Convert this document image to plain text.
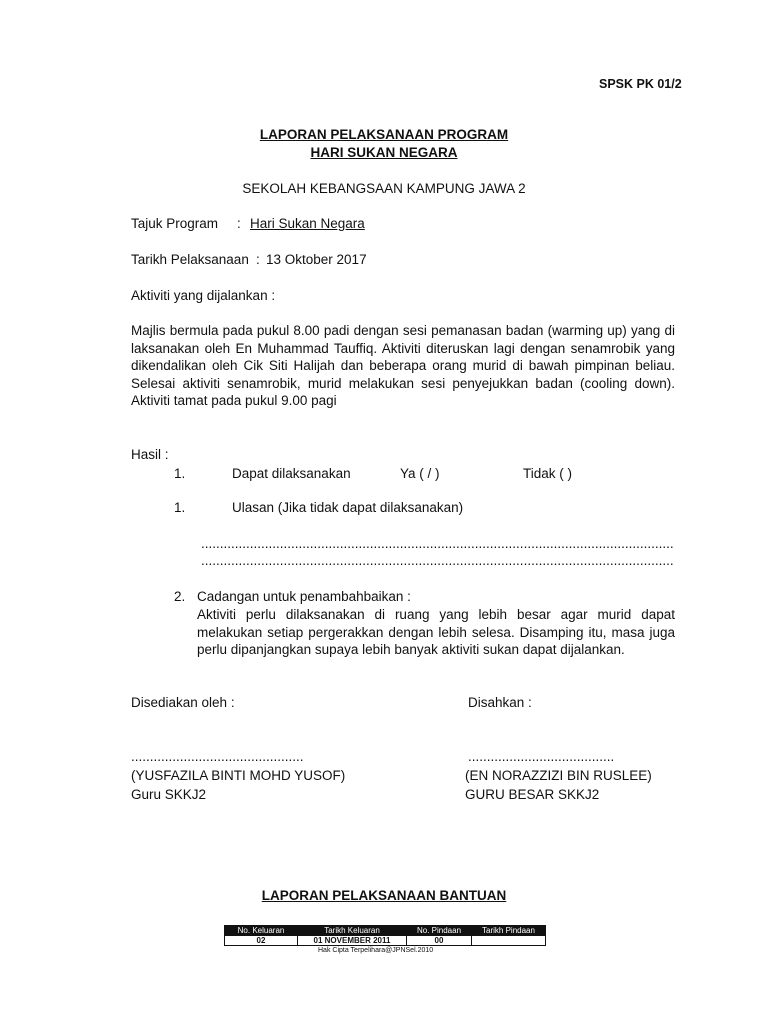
SPSK PK 01/2
LAPORAN PELAKSANAAN PROGRAM
HARI SUKAN NEGARA
SEKOLAH KEBANGSAAN KAMPUNG JAWA 2
Tajuk Program : Hari Sukan Negara
Tarikh Pelaksanaan : 13 Oktober 2017
Aktiviti yang dijalankan :
Majlis bermula pada pukul 8.00 padi dengan sesi pemanasan badan (warming up) yang di laksanakan oleh En Muhammad Tauffiq. Aktiviti diteruskan lagi dengan senamrobik yang dikendalikan oleh Cik Siti Halijah dan beberapa orang murid di bawah pimpinan beliau. Selesai aktiviti senamrobik, murid melakukan sesi penyejukkan badan (cooling down). Aktiviti tamat pada pukul 9.00 pagi
Hasil :
1.	Dapat dilaksanakan	Ya ( / )	Tidak ( )
1.	Ulasan (Jika tidak dapat dilaksanakan)
..............................................................................................................................
..............................................................................................................................
2. Cadangan untuk penambahbaikan :
Aktiviti perlu dilaksanakan di ruang yang lebih besar agar murid dapat melakukan setiap pergerakkan dengan lebih selesa. Disamping itu, masa juga perlu dipanjangkan supaya lebih banyak aktiviti sukan dapat dijalankan.
Disediakan oleh :	Disahkan :
..............................................	.......................................
(YUSFAZILA BINTI MOHD YUSOF)	(EN NORAZZIZI BIN RUSLEE)
Guru SKKJ2	GURU BESAR SKKJ2
LAPORAN PELAKSANAAN BANTUAN
No. Keluaran	Tarikh Keluaran	No. Pindaan	Tarikh Pindaan
02	01 NOVEMBER 2011	00	
Hak Cipta Terpelihara@JPNSel.2010
